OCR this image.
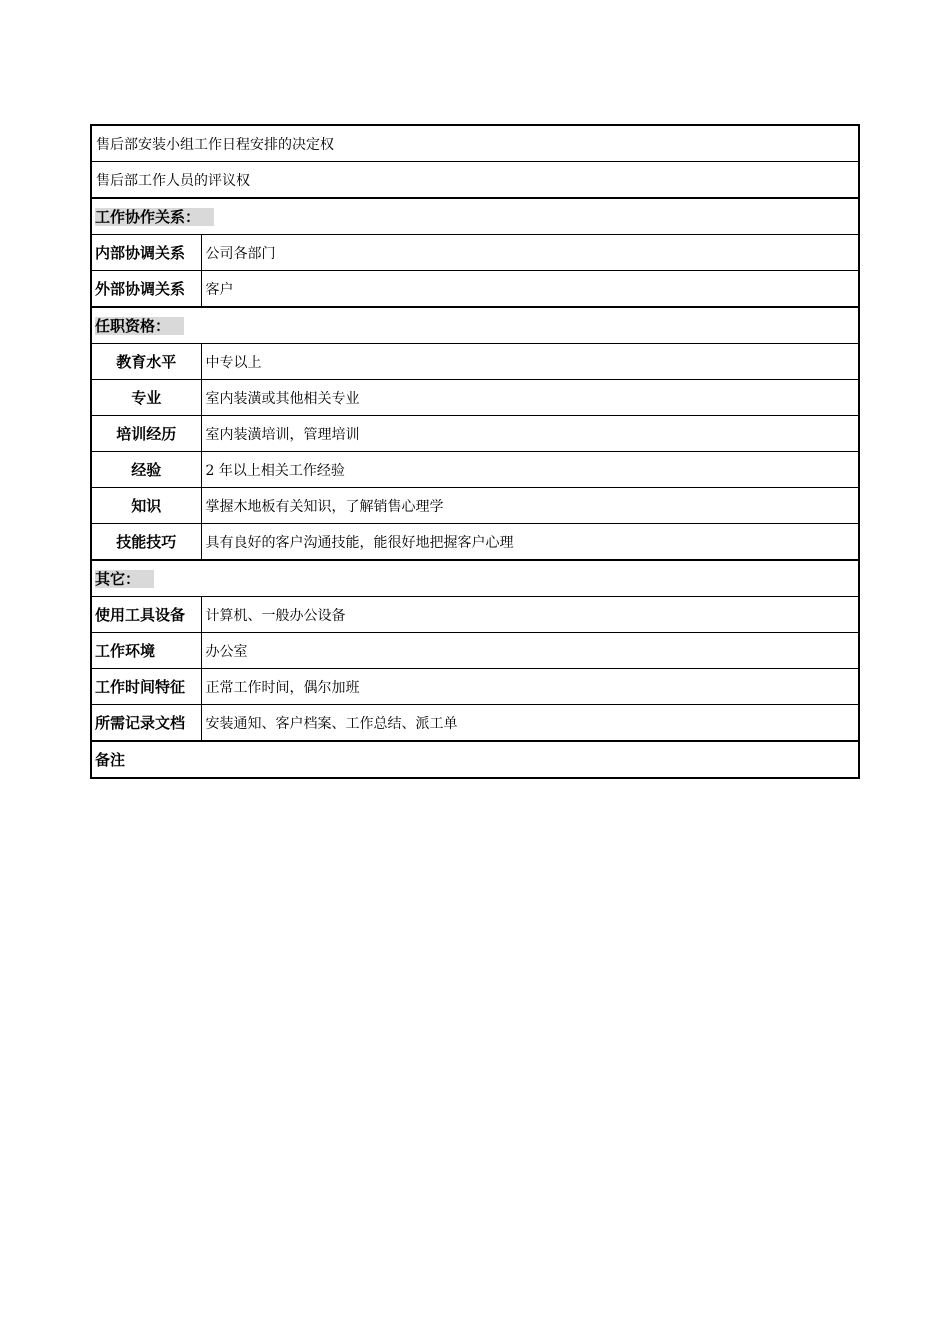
售后部安装小组工作日程安排的决定权	
售后部工作人员的评议权	
工作协作关系：	
内部协调关系	公司各部门
外部协调关系	客户
任职资格：	
教育水平	中专以上
专业	室内装潢或其他相关专业
培训经历	室内装潢培训，管理培训
经验	2 年以上相关工作经验
知识	掌握木地板有关知识，了解销售心理学
技能技巧	具有良好的客户沟通技能，能很好地把握客户心理
其它：	
使用工具设备	计算机、一般办公设备
工作环境	办公室
工作时间特征	正常工作时间，偶尔加班
所需记录文档	安装通知、客户档案、工作总结、派工单
备注	
